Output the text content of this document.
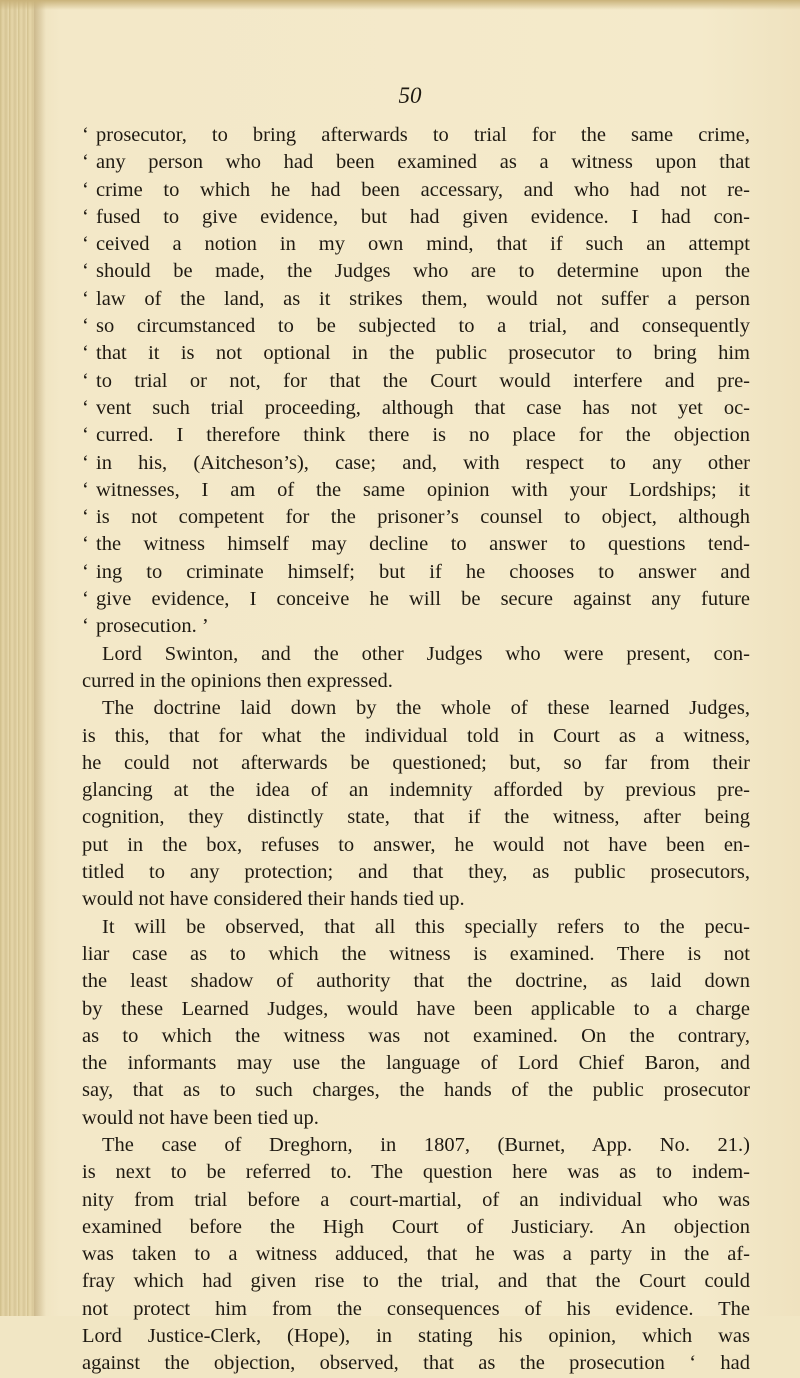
50
‘ prosecutor, to bring afterwards to trial for the same crime,
‘ any person who had been examined as a witness upon that
‘ crime to which he had been accessary, and who had not re-
‘ fused to give evidence, but had given evidence. I had con-
‘ ceived a notion in my own mind, that if such an attempt
‘ should be made, the Judges who are to determine upon the
‘ law of the land, as it strikes them, would not suffer a person
‘ so circumstanced to be subjected to a trial, and consequently
‘ that it is not optional in the public prosecutor to bring him
‘ to trial or not, for that the Court would interfere and pre-
‘ vent such trial proceeding, although that case has not yet oc-
‘ curred. I therefore think there is no place for the objection
‘ in his, (Aitcheson’s), case; and, with respect to any other
‘ witnesses, I am of the same opinion with your Lordships; it
‘ is not competent for the prisoner’s counsel to object, although
‘ the witness himself may decline to answer to questions tend-
‘ ing to criminate himself; but if he chooses to answer and
‘ give evidence, I conceive he will be secure against any future
‘ prosecution. ’
Lord Swinton, and the other Judges who were present, con-
curred in the opinions then expressed.
The doctrine laid down by the whole of these learned Judges,
is this, that for what the individual told in Court as a witness,
he could not afterwards be questioned; but, so far from their
glancing at the idea of an indemnity afforded by previous pre-
cognition, they distinctly state, that if the witness, after being
put in the box, refuses to answer, he would not have been en-
titled to any protection; and that they, as public prosecutors,
would not have considered their hands tied up.
It will be observed, that all this specially refers to the pecu-
liar case as to which the witness is examined. There is not
the least shadow of authority that the doctrine, as laid down
by these Learned Judges, would have been applicable to a charge
as to which the witness was not examined. On the contrary,
the informants may use the language of Lord Chief Baron, and
say, that as to such charges, the hands of the public prosecutor
would not have been tied up.
The case of Dreghorn, in 1807, (Burnet, App. No. 21.)
is next to be referred to. The question here was as to indem-
nity from trial before a court-martial, of an individual who was
examined before the High Court of Justiciary. An objection
was taken to a witness adduced, that he was a party in the af-
fray which had given rise to the trial, and that the Court could
not protect him from the consequences of his evidence. The
Lord Justice-Clerk, (Hope), in stating his opinion, which was
against the objection, observed, that as the prosecution ‘ had
